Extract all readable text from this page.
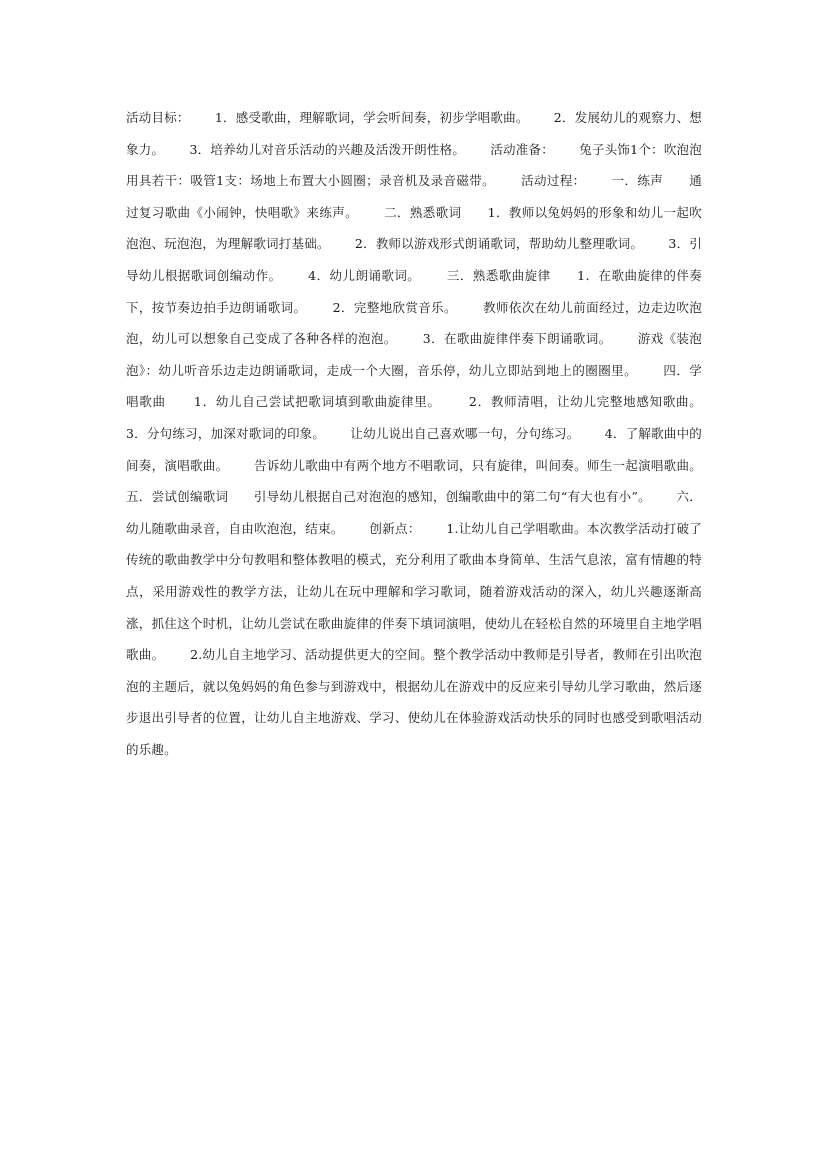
活动目标：      1．感受歌曲，理解歌词，学会听间奏，初步学唱歌曲。      2．发展幼儿的观察力、想象力。      3．培养幼儿对音乐活动的兴趣及活泼开朗性格。      活动准备：      兔子头饰1个：吹泡泡用具若干：吸管1支：场地上布置大小圆圈；录音机及录音磁带。      活动过程：      一．练声      通过复习歌曲《小闹钟，快唱歌》来练声。      二．熟悉歌词      1．教师以兔妈妈的形象和幼儿一起吹泡泡、玩泡泡，为理解歌词打基础。      2．教师以游戏形式朗诵歌词，帮助幼儿整理歌词。      3．引导幼儿根据歌词创编动作。      4．幼儿朗诵歌词。      三．熟悉歌曲旋律      1．在歌曲旋律的伴奏下，按节奏边拍手边朗诵歌词。      2．完整地欣赏音乐。      教师依次在幼儿前面经过，边走边吹泡泡，幼儿可以想象自己变成了各种各样的泡泡。      3．在歌曲旋律伴奏下朗诵歌词。      游戏《装泡泡》：幼儿听音乐边走边朗诵歌词，走成一个大圈，音乐停，幼儿立即站到地上的圈圈里。      四．学唱歌曲      1．幼儿自己尝试把歌词填到歌曲旋律里。      2．教师清唱，让幼儿完整地感知歌曲。      3．分句练习，加深对歌词的印象。      让幼儿说出自己喜欢哪一句，分句练习。      4．了解歌曲中的间奏，演唱歌曲。      告诉幼儿歌曲中有两个地方不唱歌词，只有旋律，叫间奏。师生一起演唱歌曲。      五．尝试创编歌词      引导幼儿根据自己对泡泡的感知，创编歌曲中的第二句“有大也有小”。      六．幼儿随歌曲录音，自由吹泡泡，结束。      创新点：      1.让幼儿自己学唱歌曲。本次教学活动打破了传统的歌曲教学中分句教唱和整体教唱的模式，充分利用了歌曲本身简单、生活气息浓，富有情趣的特点，采用游戏性的教学方法，让幼儿在玩中理解和学习歌词，随着游戏活动的深入，幼儿兴趣逐渐高涨，抓住这个时机，让幼儿尝试在歌曲旋律的伴奏下填词演唱，使幼儿在轻松自然的环境里自主地学唱歌曲。      2.幼儿自主地学习、活动提供更大的空间。整个教学活动中教师是引导者，教师在引出吹泡泡的主题后，就以兔妈妈的角色参与到游戏中，根据幼儿在游戏中的反应来引导幼儿学习歌曲，然后逐步退出引导者的位置，让幼儿自主地游戏、学习、使幼儿在体验游戏活动快乐的同时也感受到歌唱活动的乐趣。
